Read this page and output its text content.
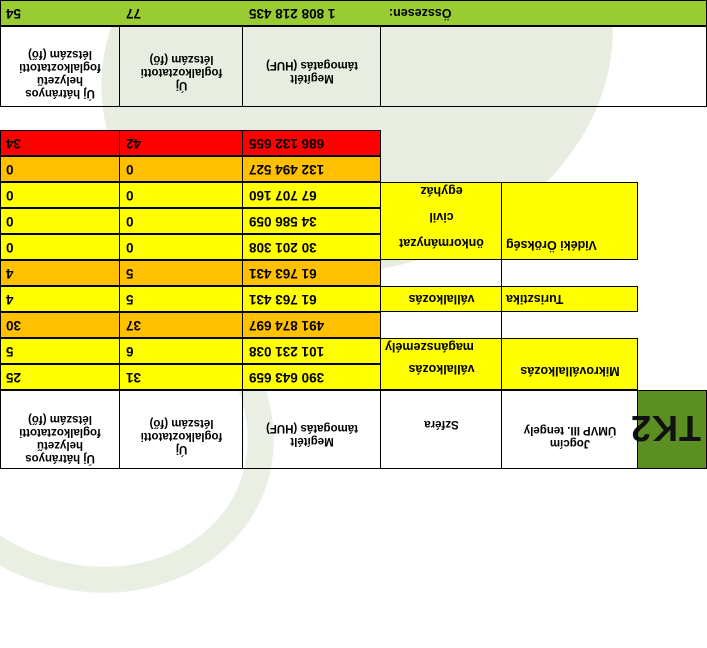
TK2
Jogcím
ÚMVP III. tengely
Szféra
Megítélt
támogatás (HUF)
Új
foglalkoztatotti
létszám (fő)
Új hátrányos
helyzetű
foglalkoztatotti
létszám (fő)
Mikrovállalkozás
vállalkozás
magánszemély
390 643 659
31
25
101 231 038
6
5
491 874 697
37
30
Turisztika
vállalkozás
61 763 431
5
4
61 763 431
5
4
Vidéki Örökség
önkormányzat
civil
egyház
30 201 308
0
0
34 586 059
0
0
67 707 160
0
0
132 494 527
0
0
686 132 655
42
34
Megítélt
támogatás (HUF)
Új
foglalkoztatotti
létszám (fő)
Új hátrányos
helyzetű
foglalkoztatotti
létszám (fő)
Összesen:
1 808 218 435
77
54
